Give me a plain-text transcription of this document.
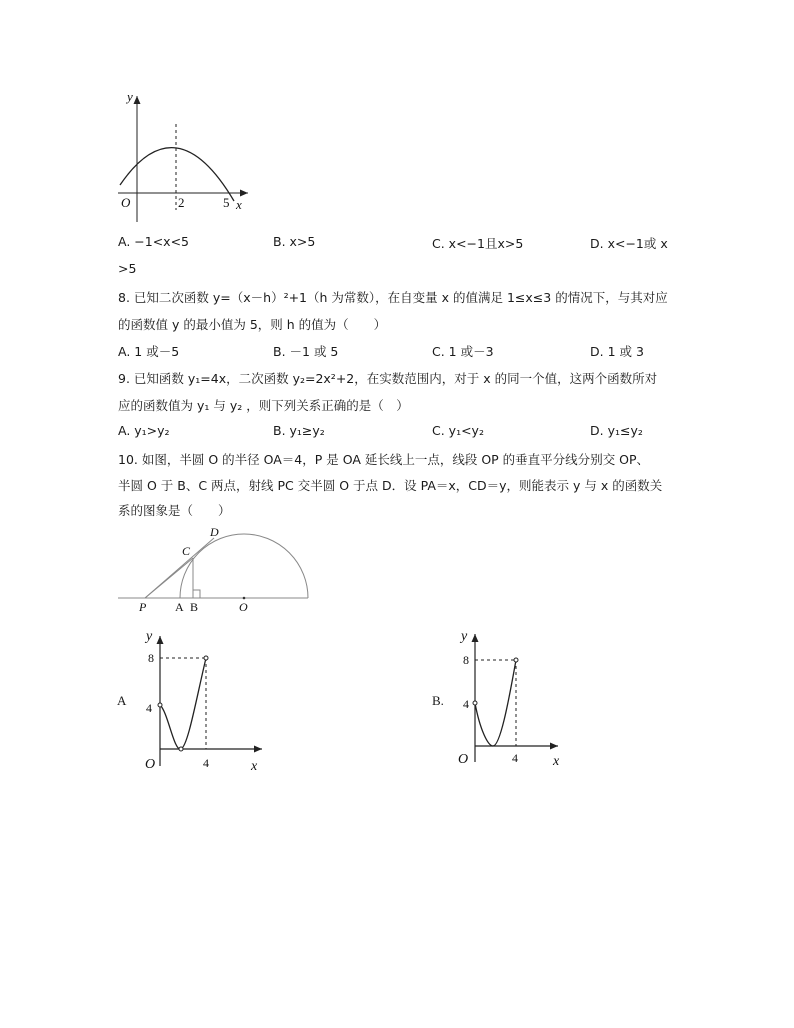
y
x
O	2	5
A. −1<x<5	B. x>5	C. x<−1且x>5	D. x<−1或 x
>5
8. 已知二次函数 y=（x－h）²+1（h 为常数），在自变量 x 的值满足 1≤x≤3 的情况下，与其对应
的函数值 y 的最小值为 5，则 h 的值为（　　）
A. 1 或－5	B. －1 或 5	C. 1 或－3	D. 1 或 3
9. 已知函数 y₁=4x，二次函数 y₂=2x²+2，在实数范围内，对于 x 的同一个值，这两个函数所对
应的函数值为 y₁ 与 y₂ ，则下列关系正确的是（　）
A. y₁>y₂	B. y₁≥y₂	C. y₁<y₂	D. y₁≤y₂
10. 如图，半圆 O 的半径 OA＝4，P 是 OA 延长线上一点，线段 OP 的垂直平分线分别交 OP、
半圆 O 于 B、C 两点，射线 PC 交半圆 O 于点 D．设 PA＝x，CD＝y，则能表示 y 与 x 的函数关
系的图象是（　　）
P A B	O
C
D
A
y
x
O
8
4
4
B.
y
x
O
8
4
4
